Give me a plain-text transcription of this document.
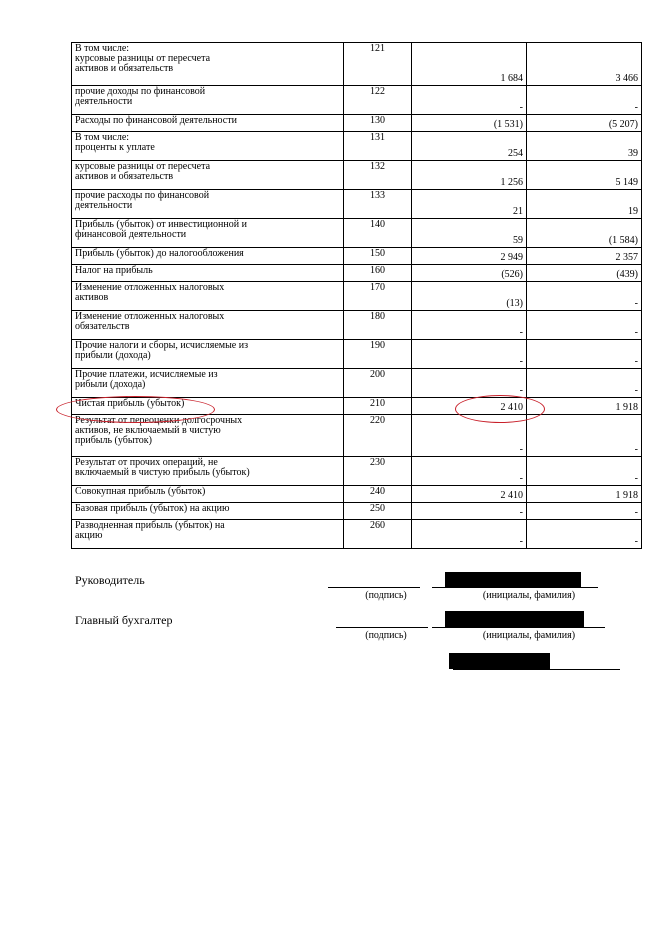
В том числе:
курсовые разницы от пересчета
активов и обязательств	121	1 684	3 466

прочие доходы по финансовой
деятельности	122	-	-

Расходы по финансовой деятельности	130	(1 531)	(5 207)

В том числе:
проценты к уплате	131	254	39

курсовые разницы от пересчета
активов и обязательств	132	1 256	5 149

прочие расходы по финансовой
деятельности	133	21	19

Прибыль (убыток) от инвестиционной и
финансовой деятельности	140	59	(1 584)

Прибыль (убыток) до налогообложения	150	2 949	2 357

Налог на прибыль	160	(526)	(439)

Изменение отложенных налоговых
активов	170	(13)	-

Изменение отложенных налоговых
обязательств	180	-	-

Прочие налоги и сборы, исчисляемые из
прибыли (дохода)	190	-	-

Прочие платежи, исчисляемые из
рибыли (дохода)	200	-	-

Чистая прибыль (убыток)	210	2 410	1 918

Результат от переоценки долгосрочных
активов, не включаемый в чистую
прибыль (убыток)	220	-	-

Результат от прочих операций, не
включаемый в чистую прибыль (убыток)	230	-	-

Совокупная прибыль (убыток)	240	2 410	1 918

Базовая прибыль (убыток) на акцию	250	-	-

Разводненная прибыль (убыток) на
акцию	260	-	-
Руководитель
(подпись)	(инициалы, фамилия)
Главный бухгалтер
(подпись)	(инициалы, фамилия)
